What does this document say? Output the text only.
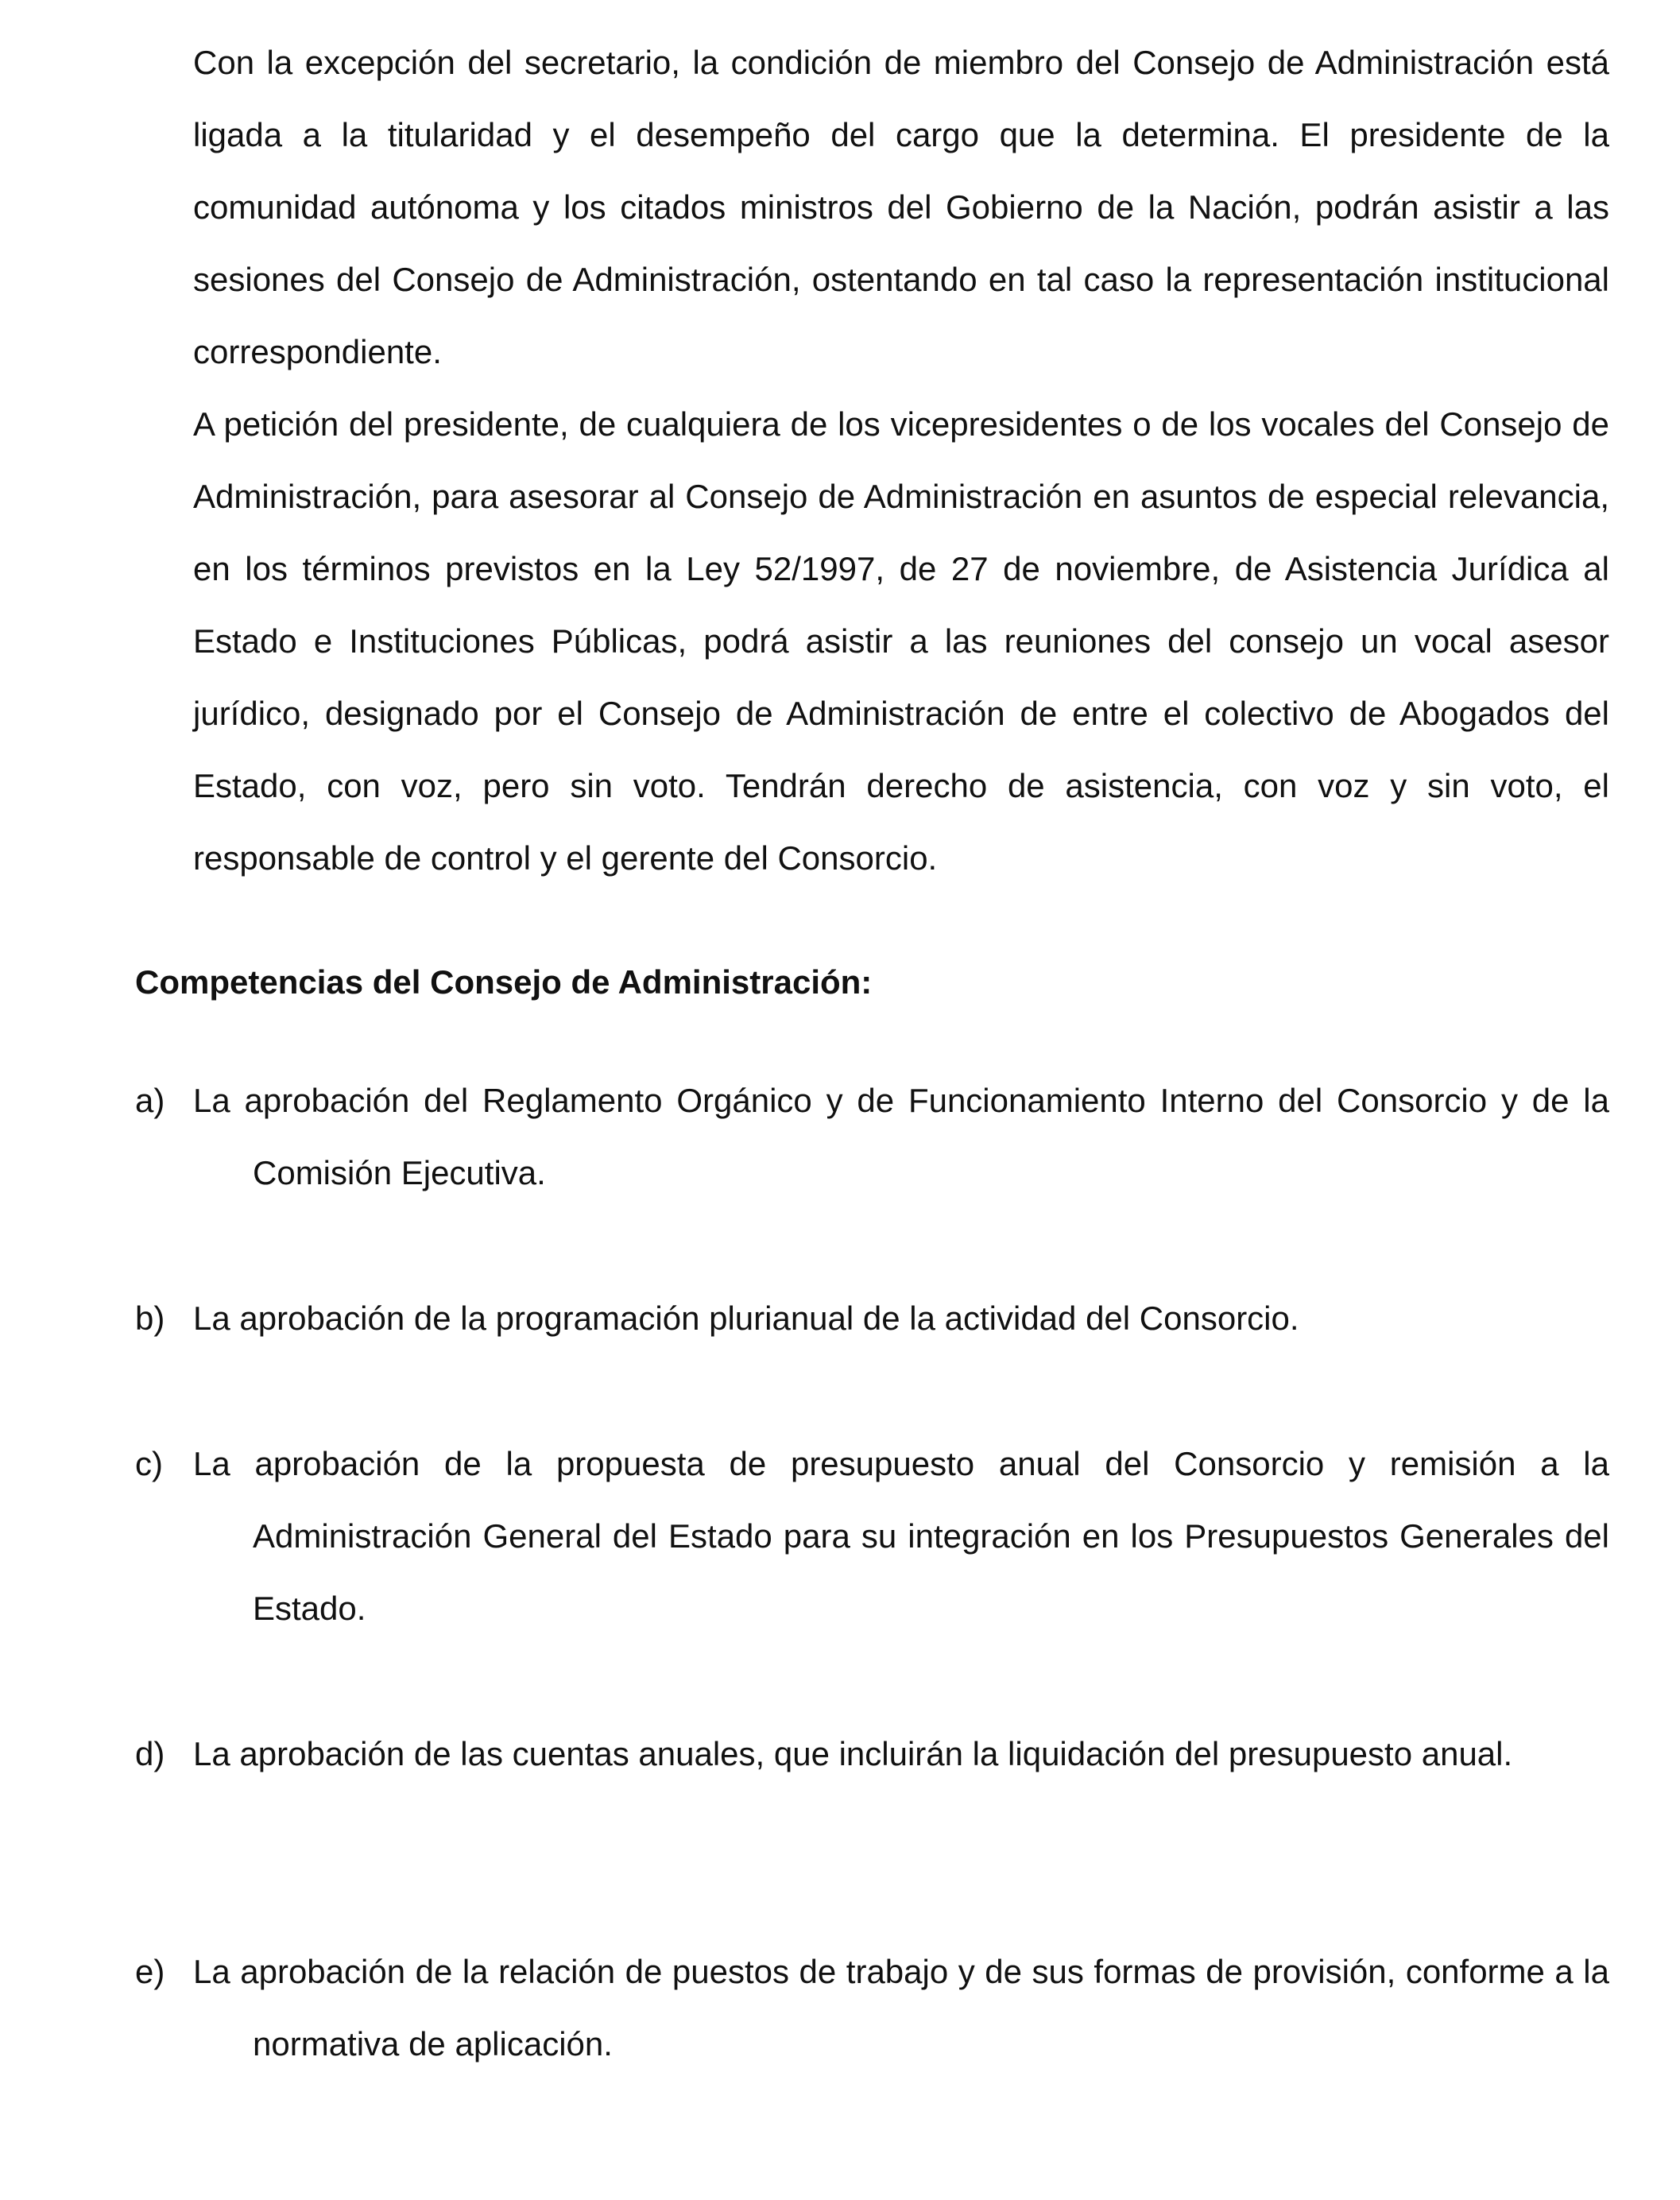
Con la excepción del secretario, la condición de miembro del Consejo de Administración está ligada a la titularidad y el desempeño del cargo que la determina. El presidente de la comunidad autónoma y los citados ministros del Gobierno de la Nación, podrán asistir a las sesiones del Consejo de Administración, ostentando en tal caso la representación institucional correspondiente.

A petición del presidente, de cualquiera de los vicepresidentes o de los vocales del Consejo de Administración, para asesorar al Consejo de Administración en asuntos de especial relevancia, en los términos previstos en la Ley 52/1997, de 27 de noviembre, de Asistencia Jurídica al Estado e Instituciones Públicas, podrá asistir a las reuniones del consejo un vocal asesor jurídico, designado por el Consejo de Administración de entre el colectivo de Abogados del Estado, con voz, pero sin voto. Tendrán derecho de asistencia, con voz y sin voto, el responsable de control y el gerente del Consorcio.

Competencias del Consejo de Administración:
a) La aprobación del Reglamento Orgánico y de Funcionamiento Interno del Consorcio y de la Comisión Ejecutiva.

b) La aprobación de la programación plurianual de la actividad del Consorcio.

c) La aprobación de la propuesta de presupuesto anual del Consorcio y remisión a la Administración General del Estado para su integración en los Presupuestos Generales del Estado.

d) La aprobación de las cuentas anuales, que incluirán la liquidación del presupuesto anual.

e) La aprobación de la relación de puestos de trabajo y de sus formas de provisión, conforme a la normativa de aplicación.
